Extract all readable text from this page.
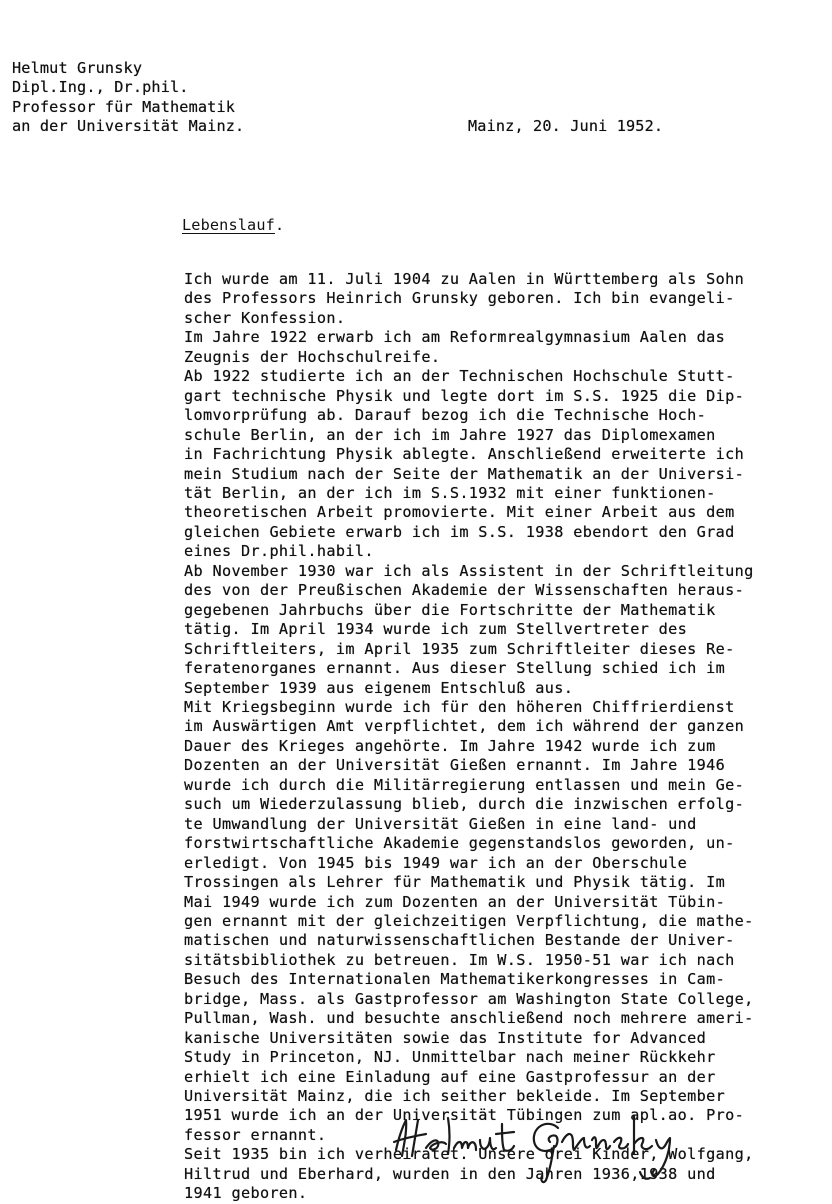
Helmut Grunsky
Dipl.Ing., Dr.phil.
Professor für Mathematik
an der Universität Mainz.	Mainz, 20. Juni 1952.
Lebenslauf.
Ich wurde am 11. Juli 1904 zu Aalen in Württemberg als Sohn
des Professors Heinrich Grunsky geboren. Ich bin evangeli-
scher Konfession.
Im Jahre 1922 erwarb ich am Reformrealgymnasium Aalen das
Zeugnis der Hochschulreife.
Ab 1922 studierte ich an der Technischen Hochschule Stutt-
gart technische Physik und legte dort im S.S. 1925 die Dip-
lomvorprüfung ab. Darauf bezog ich die Technische Hoch-
schule Berlin, an der ich im Jahre 1927 das Diplomexamen
in Fachrichtung Physik ablegte. Anschließend erweiterte ich
mein Studium nach der Seite der Mathematik an der Universi-
tät Berlin, an der ich im S.S.1932 mit einer funktionen-
theoretischen Arbeit promovierte. Mit einer Arbeit aus dem
gleichen Gebiete erwarb ich im S.S. 1938 ebendort den Grad
eines Dr.phil.habil.
Ab November 1930 war ich als Assistent in der Schriftleitung
des von der Preußischen Akademie der Wissenschaften heraus-
gegebenen Jahrbuchs über die Fortschritte der Mathematik
tätig. Im April 1934 wurde ich zum Stellvertreter des
Schriftleiters, im April 1935 zum Schriftleiter dieses Re-
feratenorganes ernannt. Aus dieser Stellung schied ich im
September 1939 aus eigenem Entschluß aus.
Mit Kriegsbeginn wurde ich für den höheren Chiffrierdienst
im Auswärtigen Amt verpflichtet, dem ich während der ganzen
Dauer des Krieges angehörte. Im Jahre 1942 wurde ich zum
Dozenten an der Universität Gießen ernannt. Im Jahre 1946
wurde ich durch die Militärregierung entlassen und mein Ge-
such um Wiederzulassung blieb, durch die inzwischen erfolg-
te Umwandlung der Universität Gießen in eine land- und
forstwirtschaftliche Akademie gegenstandslos geworden, un-
erledigt. Von 1945 bis 1949 war ich an der Oberschule
Trossingen als Lehrer für Mathematik und Physik tätig. Im
Mai 1949 wurde ich zum Dozenten an der Universität Tübin-
gen ernannt mit der gleichzeitigen Verpflichtung, die mathe-
matischen und naturwissenschaftlichen Bestande der Univer-
sitätsbibliothek zu betreuen. Im W.S. 1950-51 war ich nach
Besuch des Internationalen Mathematikerkongresses in Cam-
bridge, Mass. als Gastprofessor am Washington State College,
Pullman, Wash. und besuchte anschließend noch mehrere ameri-
kanische Universitäten sowie das Institute for Advanced
Study in Princeton, NJ. Unmittelbar nach meiner Rückkehr
erhielt ich eine Einladung auf eine Gastprofessur an der
Universität Mainz, die ich seither bekleide. Im September
1951 wurde ich an der Universität Tübingen zum apl.ao. Pro-
fessor ernannt.
Seit 1935 bin ich verheiratet. Unsere drei Kinder, Wolfgang,
Hiltrud und Eberhard, wurden in den Jahren 1936,1938 und
1941 geboren.
